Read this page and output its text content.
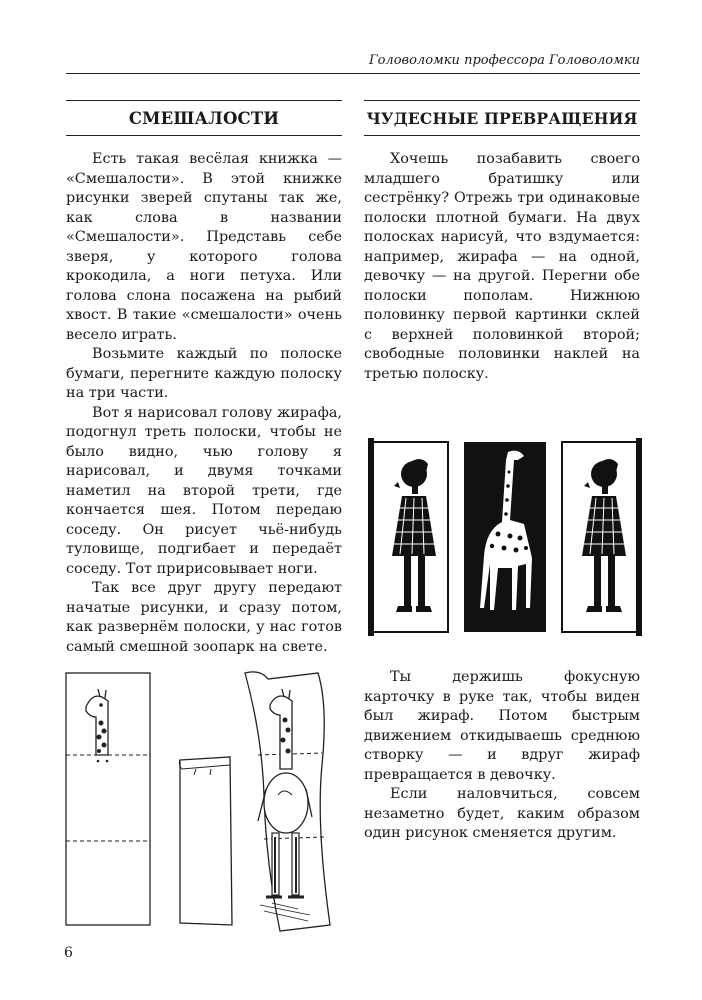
Головоломки профессора Головоломки
СМЕШАЛОСТИ

Есть такая весёлая книжка — «Смешалости». В этой книжке рисунки зверей спутаны так же, как слова в названии «Смешалости». Представь себе зверя, у которого голова крокодила, а ноги петуха. Или голова слона посажена на рыбий хвост. В такие «смешалости» очень весело играть.

Возьмите каждый по полоске бумаги, перегните каждую полоску на три части.

Вот я нарисовал голову жирафа, подогнул треть полоски, чтобы не было видно, чью голову я нарисовал, и двумя точками наметил на второй трети, где кончается шея. Потом передаю соседу. Он рисует чьё-нибудь туловище, подгибает и передаёт соседу. Тот пририсовывает ноги.

Так все друг другу передают начатые рисунки, и сразу потом, как развернём полоски, у нас готов самый смешной зоопарк на свете.

ЧУДЕСНЫЕ ПРЕВРАЩЕНИЯ

Хочешь позабавить своего младшего братишку или сестрёнку? Отрежь три одинаковые полоски плотной бумаги. На двух полосках нарисуй, что вздумается: например, жирафа — на одной, девочку — на другой. Перегни обе полоски пополам. Нижнюю половинку первой картинки склей с верхней половинкой второй; свободные половинки наклей на третью полоску.

Ты держишь фокусную карточку в руке так, чтобы виден был жираф. Потом быстрым движением откидываешь среднюю створку — и вдруг жираф превращается в девочку.

Если наловчиться, совсем незаметно будет, каким образом один рисунок сменяется другим.

6
